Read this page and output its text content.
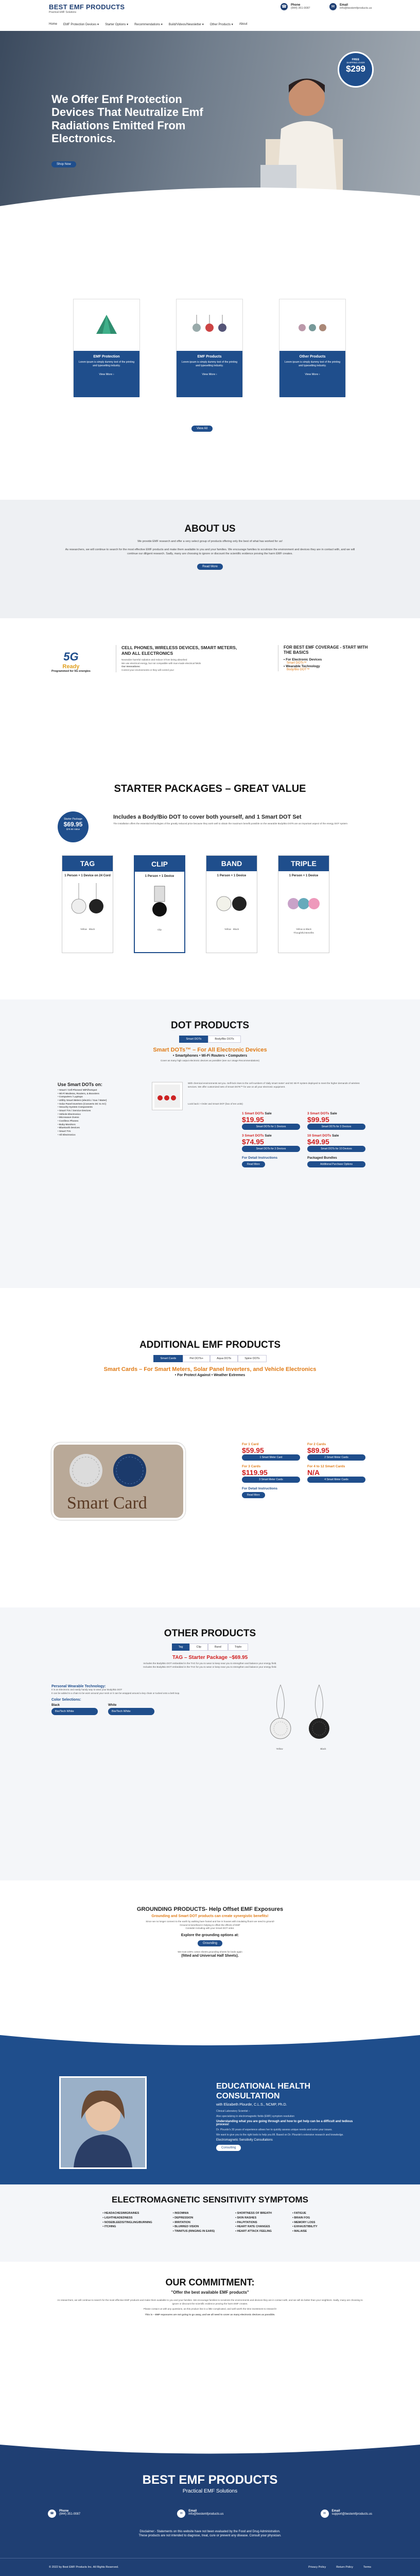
BEST EMF PRODUCTS
Practical EMF Solutions
Home EMF Protection Devices ▾ Starter Options ▾ Recommendations ▾ Build/Videos/Newsletter ▾ Other Products ▾ About
☎	Phone
(844) 351-0087	✉	Email
info@bestemfproducts.us
We Offer Emf Protection Devices That Neutralize Emf Radiations Emitted From Electronics.
Shop Now
FREE
SHIPPING OVER
$299
EMF Protection
Lorem ipsum is simply dummy text of the printing and typesetting industry.
View More ›
EMF Products
Lorem ipsum is simply dummy text of the printing and typesetting industry.
View More ›
Other Products
Lorem ipsum is simply dummy text of the printing and typesetting industry.
View More ›
View All
ABOUT US
We provide EMF research and offer a very select group of products offering only the best of what has worked for us!
As researchers, we will continue to search for the most effective EMF products and make them available to you and your families. We encourage families to scrutinize the environment and devices they are in contact with, and we will continue our diligent research. Sadly, many are choosing to ignore or discount the scientific evidence proving the harm EMF creates.
Read More
5G
Ready
Programmed for 5G energies
CELL PHONES, WIRELESS DEVICES, SMART METERS, AND ALL ELECTRONICS
Neutralize harmful radiation and reduce it from being absorbed
We use electrical energy, but not compatible with man-made electrical fields
Our Innovations:
Control your environments or they will control you!
FOR BEST EMF COVERAGE - START WITH THE BASICS
• For Electronic Devices
Smart DOTs™
• Wearable Technology
Body/Bio DOT™
STARTER PACKAGES – GREAT VALUE
Starter Package
$69.95
$79.95 Value
Includes a Body/Bio DOT to cover both yourself, and 1 Smart DOT Set
The installation offers the essential technologies of the greatly reduced price because they work well to obtain the maximum benefit possible on the wearable Body/Bio DOTs are an important aspect of the energy DOT system
TAG
1 Person + 1 Device on 24 Cord
Yellow Black
CLIP
1 Person + 1 Device
Clip
BAND
1 Person + 1 Device
Yellow Black
TRIPLE
1 Person + 1 Device
Yellow & Black
Thoughtful Benefits
DOT PRODUCTS
Smart DOTs	Body/Bio DOTs
Smart DOTs™ – For All Electronic Devices
• Smartphones • Wi-Fi Routers • Computers
Cover as many high output electronic devices as possible! (see our Usage Recommendations)
Use Smart DOTs on:
• Smart / Cell Phones/ WiFi/hotspot
• Wi-Fi Modems, Routers, & Boosters
• Computers / Laptops
• Utility Smart Meters (electric / Gas / Water)
• Solar Panel Inverters (Converts DC to AC)
• Security System Components
• Smart TVs / Service Devices
• Vehicle Electronics
• Microwave Ovens
• Cordless Phones
• Baby Monitors
• Bluetooth Devices
• Smart TVs
• All Electronics
With chemical environments set you. Self-lock rises to the cell numbers of 'daily smart meter' and 5G Wi-Fi system deployed to meet the higher demands of wireless services. We offer customized sets of Smart DOTs™ for use on all your electronic equipment.
Look back > Order and Smart DOT (box of ten units)
1 Smart DOTs Sale
$19.95
Smart DOTs for 1 Devices
3 Smart DOTs Sale
$99.95
Smart DOTs for 3 Devices
3 Smart DOTs Sale
$74.95
Smart DOTs for 3 Devices
10 Smart DOTs Sale
$49.95
Smart DOTs for 10 Devices
For Detail Instructions
Read More
Packaged Bundles
Additional Purchase Options
ADDITIONAL EMF PRODUCTS
Smart Cards	Pet DOTs+	Aqua DOTs	Spine DOTs
Smart Cards – For Smart Meters, Solar Panel Inverters, and Vehicle Electronics
• For Protect Against • Weather Extremes
Smart Card
For 1 Card
$59.95
1 Smart Meter Card
For 2 Cards
$89.95
2 Smart Meter Cards
For 3 Cards
$119.95
3 Smart Meter Cards
For 4 to 12 Smart Cards
N/A
4 Smart Meter Cards
For Detail Instructions
Read More
OTHER PRODUCTS
Tag	Clip	Band	Triple
TAG – Starter Package ~$69.95
Includes the Body/Bio DOT embedded in the TAG for you to wear to keep near you to strengthen and balance your energy field.
Includes the Body/Bio DOT embedded in the TAG for you to wear or keep near you to strengthen and balance your energy field.
Personal Wearable Technology:
It is an Electronic and easily handy way to wear your Body/Bio DOT
It can be added to a chain to be worn around your neck or it can be wrapped around a key chain or tucked onto a belt loop.
Color Selections:
Black
Bio/Tech White
White
Bio/Tech White
Yellow	Black
GROUNDING PRODUCTS- Help Offset EMF Exposures
Grounding and Smart DOT products can create synergistic benefits!
Since we no longer connect to the earth by walking bare footed and live in houses with insulating floors we need to ground!
Ground is beneficial in helping to offset the effects of EMF
Consider including with your Smart DOT order.
Explore the grounding options at:
Grounding
We trust 100% cotton sheets grounding sheets for beds again
(fitted and Universal Half Sheets).
EDUCATIONAL HEALTH CONSULTATION
with Elizabeth Plourde, C.L.S., NCMP, Ph.D.
Clinical Laboratory Scientist –
Also specializing in electromagnetic fields (EMF) symptom resolution
Understanding what you are going through and how to get help can be a difficult and tedious process!
Dr. Plourde's 30 years of experience allows her to quickly assess unique needs and solve your issues.
We want to give you to the right tools to help you lift. Based on Dr. Plourde's extensive research and knowledge.
Electromagnetic Sensitivity Consultations
Consulting
ELECTROMAGNETIC SENSITIVITY SYMPTOMS
• HEADACHES/MIGRAINES
• LIGHTHEADEDNESS
• NOSEBLEEDS/TINGLING/BURNING
• ITCHING
• INSOMNIA
• DEPRESSION
• IRRITATION
• BLURRED VISION
• TINNITUS (RINGING IN EARS)
• SHORTNESS OF BREATH
• SKIN RASHES
• PALPITATIONS
• HEART RATE CHANGES
• HEART ATTACK FEELING
• FATIGUE
• BRAIN FOG
• MEMORY LOSS
• EXHAUSTIBILITY
• MALAISE
OUR COMMITMENT:
"Offer the best available EMF products"
As researchers, we will continue to search for the most effective EMF products and make them available to you and your families. We encourage families to scrutinize the environments and devices they are in contact with, and we will do better than your neighbors. Sadly, many are choosing to ignore or discount the scientific evidence proving the harm EMF creates.
Please contact us with any questions, as this product line is a little complicated, and well worth the time investment to research!
This is – EMF exposures are not going to go away, and we all need to cover as many electronic devices as possible.
BEST EMF PRODUCTS
Practical EMF Solutions
☎
Phone
(844) 351-0087	✉
Email
info@bestemfproducts.us	✉
Email
support@bestemfproducts.us
Disclaimer:- Statements on this website have not been evaluated by the Food and Drug Administration.
These products are not intended to diagnose, treat, cure or prevent any disease. Consult your physician.
© 2022 by Best EMF Products Inc. All Rights Reserved.	Privacy Policy	Return Policy	Terms
